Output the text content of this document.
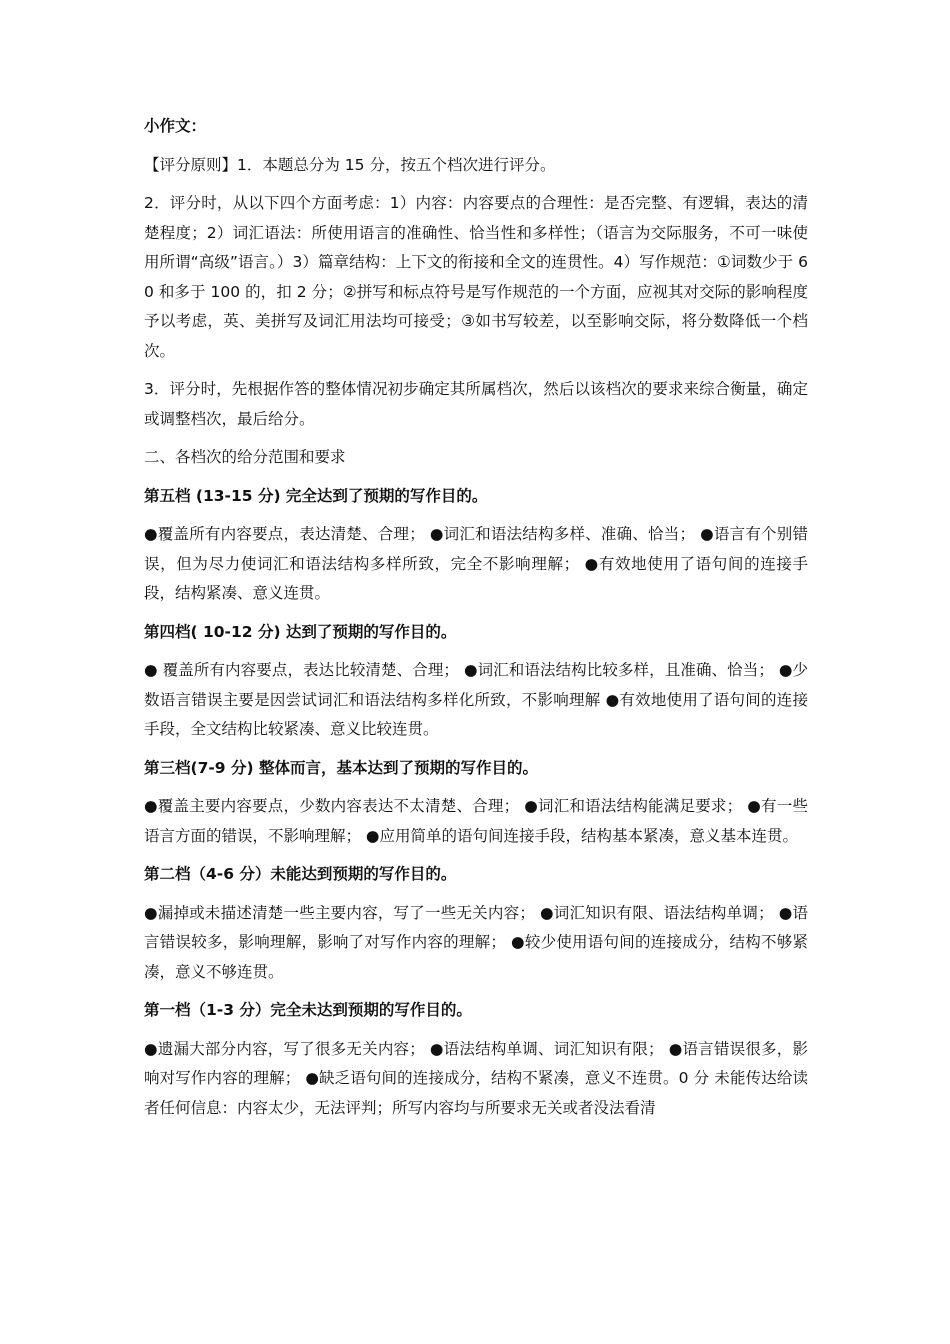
小作文：

【评分原则】1．本题总分为 15 分，按五个档次进行评分。

2．评分时，从以下四个方面考虑：1）内容：内容要点的合理性：是否完整、有逻辑，表达的清楚程度；2）词汇语法：所使用语言的准确性、恰当性和多样性；（语言为交际服务，不可一味使用所谓“高级”语言。）3）篇章结构：上下文的衔接和全文的连贯性。4）写作规范：①词数少于 60 和多于 100 的，扣 2 分；②拼写和标点符号是写作规范的一个方面，应视其对交际的影响程度予以考虑，英、美拼写及词汇用法均可接受；③如书写较差，以至影响交际，将分数降低一个档次。

3．评分时，先根据作答的整体情况初步确定其所属档次，然后以该档次的要求来综合衡量，确定或调整档次，最后给分。

二、各档次的给分范围和要求

第五档 (13-15 分) 完全达到了预期的写作目的。

●覆盖所有内容要点，表达清楚、合理； ●词汇和语法结构多样、准确、恰当； ●语言有个别错误，但为尽力使词汇和语法结构多样所致，完全不影响理解； ●有效地使用了语句间的连接手段，结构紧凑、意义连贯。

第四档( 10-12 分) 达到了预期的写作目的。

● 覆盖所有内容要点，表达比较清楚、合理； ●词汇和语法结构比较多样，且准确、恰当； ●少数语言错误主要是因尝试词汇和语法结构多样化所致，不影响理解 ●有效地使用了语句间的连接手段，全文结构比较紧凑、意义比较连贯。

第三档(7-9 分) 整体而言，基本达到了预期的写作目的。

●覆盖主要内容要点，少数内容表达不太清楚、合理； ●词汇和语法结构能满足要求； ●有一些语言方面的错误，不影响理解； ●应用简单的语句间连接手段，结构基本紧凑，意义基本连贯。

第二档（4-6 分）未能达到预期的写作目的。

●漏掉或未描述清楚一些主要内容，写了一些无关内容； ●词汇知识有限、语法结构单调； ●语言错误较多，影响理解，影响了对写作内容的理解； ●较少使用语句间的连接成分，结构不够紧凑，意义不够连贯。

第一档（1-3 分）完全未达到预期的写作目的。

●遗漏大部分内容，写了很多无关内容； ●语法结构单调、词汇知识有限； ●语言错误很多，影响对写作内容的理解； ●缺乏语句间的连接成分，结构不紧凑，意义不连贯。0 分 未能传达给读者任何信息：内容太少，无法评判；所写内容均与所要求无关或者没法看清
